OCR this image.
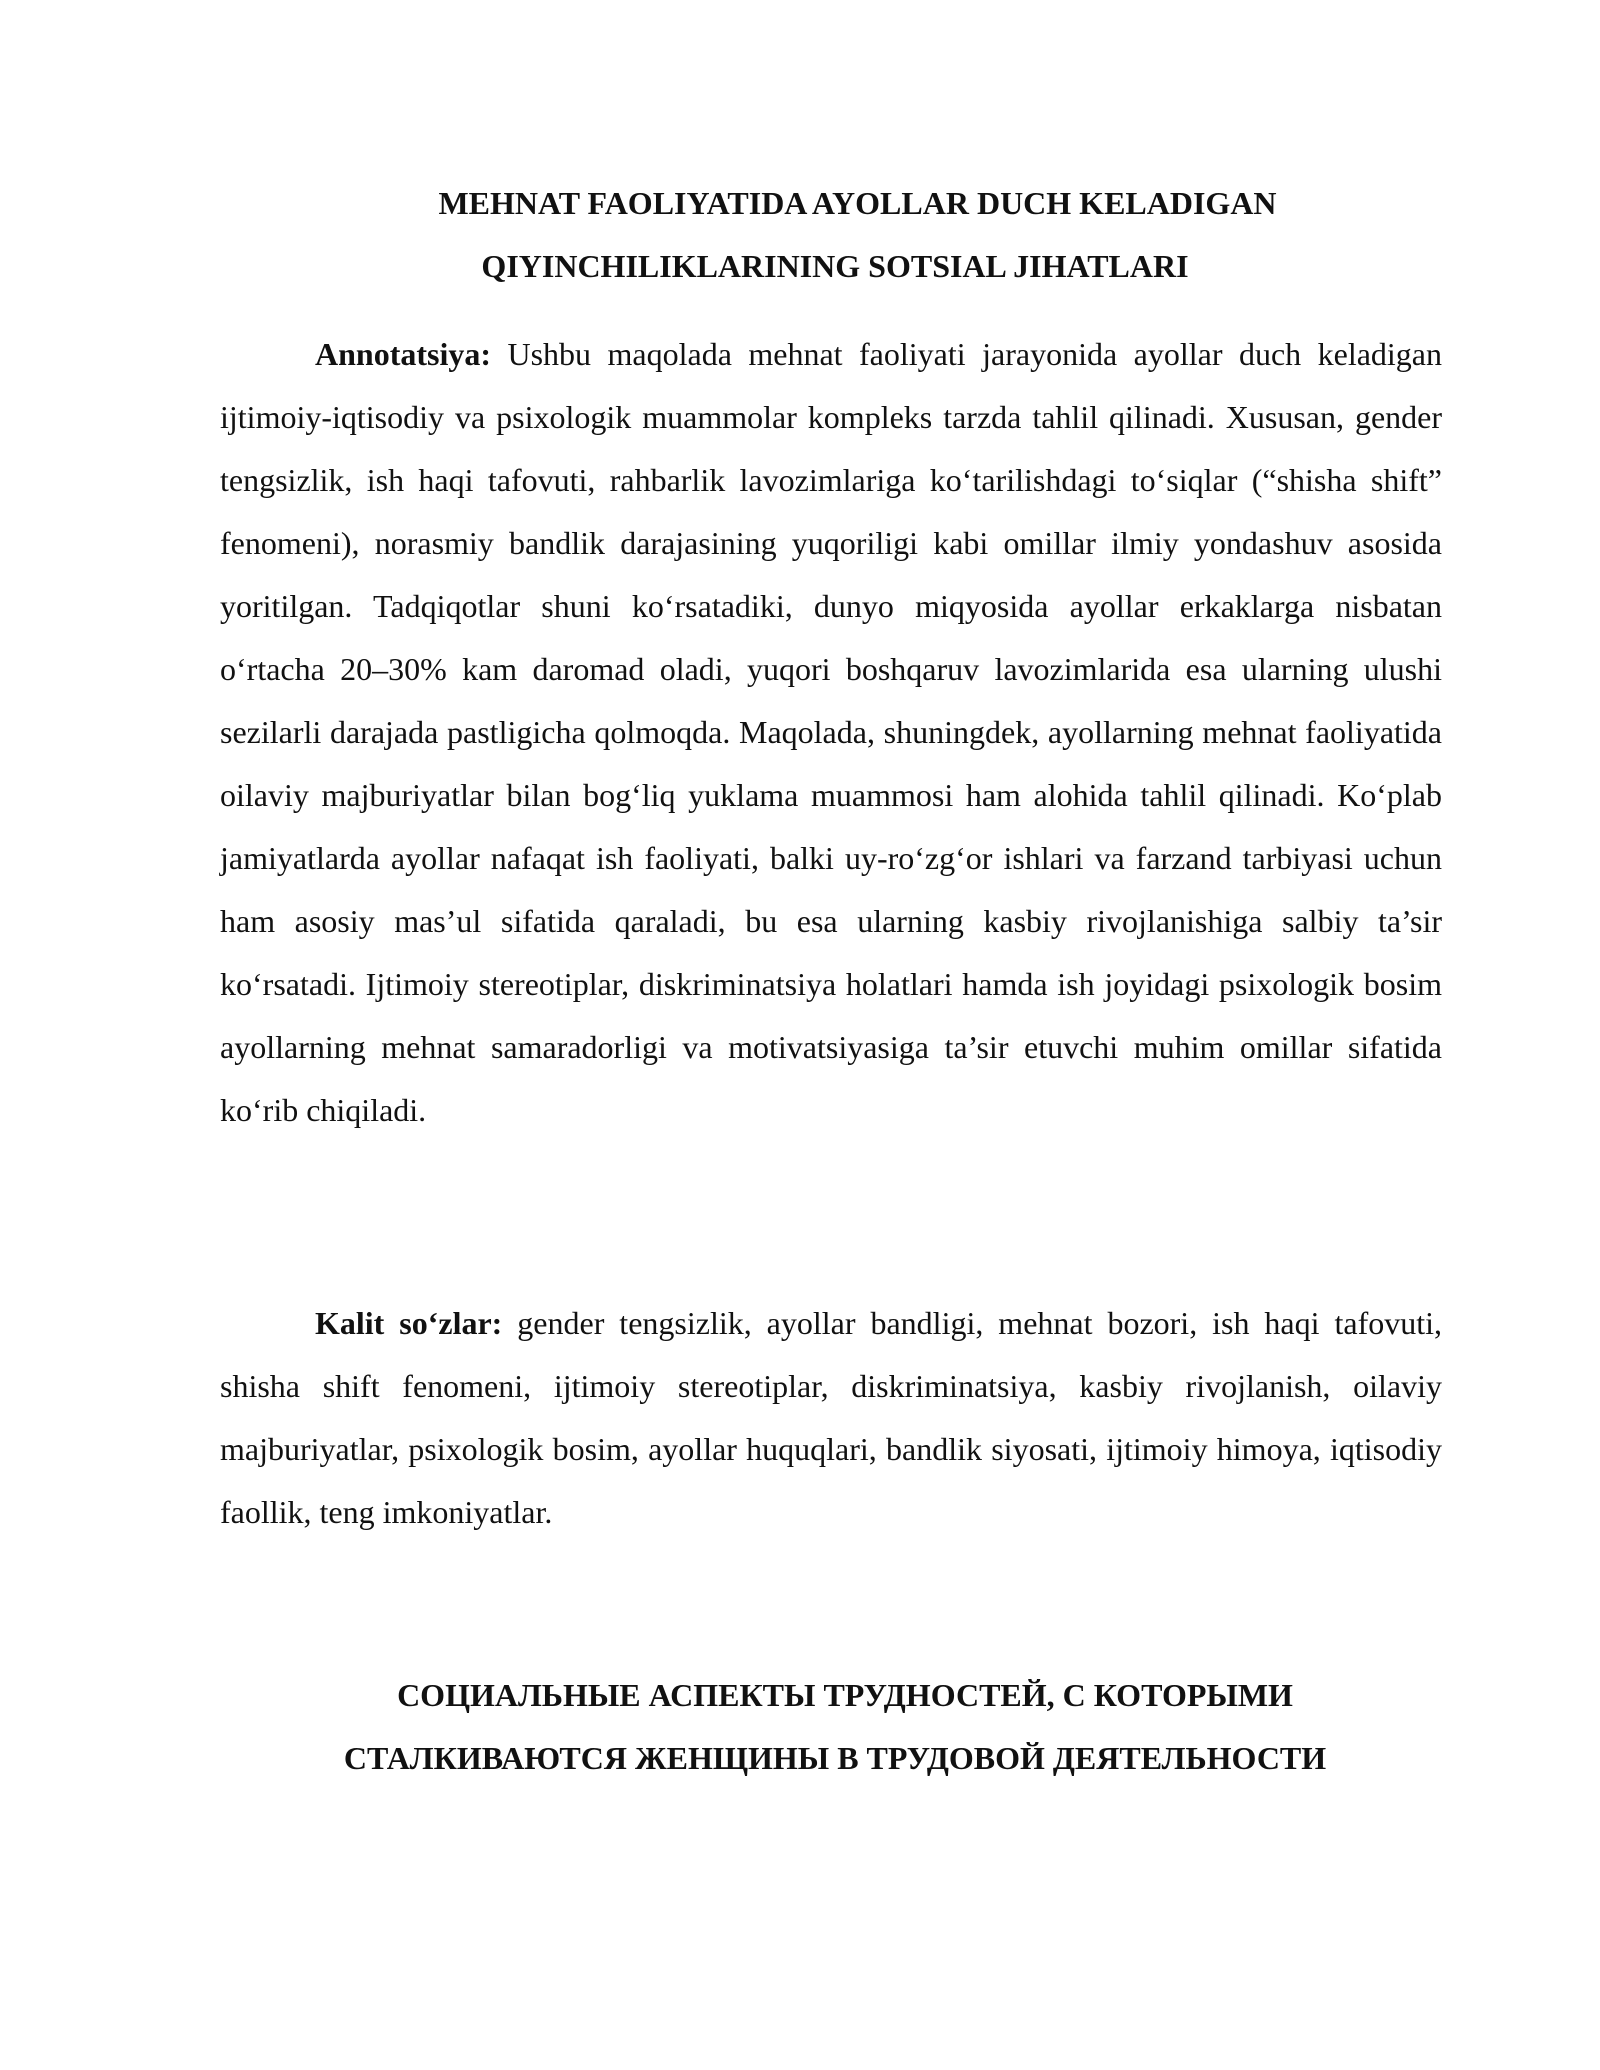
MEHNAT FAOLIYATIDA AYOLLAR DUCH KELADIGAN
QIYINCHILIKLARINING SOTSIAL JIHATLARI

Annotatsiya: Ushbu maqolada mehnat faoliyati jarayonida ayollar duch keladigan ijtimoiy-iqtisodiy va psixologik muammolar kompleks tarzda tahlil qilinadi. Xususan, gender tengsizlik, ish haqi tafovuti, rahbarlik lavozimlariga ko‘tarilishdagi to‘siqlar (“shisha shift” fenomeni), norasmiy bandlik darajasining yuqoriligi kabi omillar ilmiy yondashuv asosida yoritilgan. Tadqiqotlar shuni ko‘rsatadiki, dunyo miqyosida ayollar erkaklarga nisbatan o‘rtacha 20–30% kam daromad oladi, yuqori boshqaruv lavozimlarida esa ularning ulushi sezilarli darajada pastligicha qolmoqda. Maqolada, shuningdek, ayollarning mehnat faoliyatida oilaviy majburiyatlar bilan bog‘liq yuklama muammosi ham alohida tahlil qilinadi. Ko‘plab jamiyatlarda ayollar nafaqat ish faoliyati, balki uy-ro‘zg‘or ishlari va farzand tarbiyasi uchun ham asosiy mas’ul sifatida qaraladi, bu esa ularning kasbiy rivojlanishiga salbiy ta’sir ko‘rsatadi. Ijtimoiy stereotiplar, diskriminatsiya holatlari hamda ish joyidagi psixologik bosim ayollarning mehnat samaradorligi va motivatsiyasiga ta’sir etuvchi muhim omillar sifatida ko‘rib chiqiladi.

Kalit so‘zlar: gender tengsizlik, ayollar bandligi, mehnat bozori, ish haqi tafovuti, shisha shift fenomeni, ijtimoiy stereotiplar, diskriminatsiya, kasbiy rivojlanish, oilaviy majburiyatlar, psixologik bosim, ayollar huquqlari, bandlik siyosati, ijtimoiy himoya, iqtisodiy faollik, teng imkoniyatlar.

СОЦИАЛЬНЫЕ АСПЕКТЫ ТРУДНОСТЕЙ, С КОТОРЫМИ
СТАЛКИВАЮТСЯ ЖЕНЩИНЫ В ТРУДОВОЙ ДЕЯТЕЛЬНОСТИ
